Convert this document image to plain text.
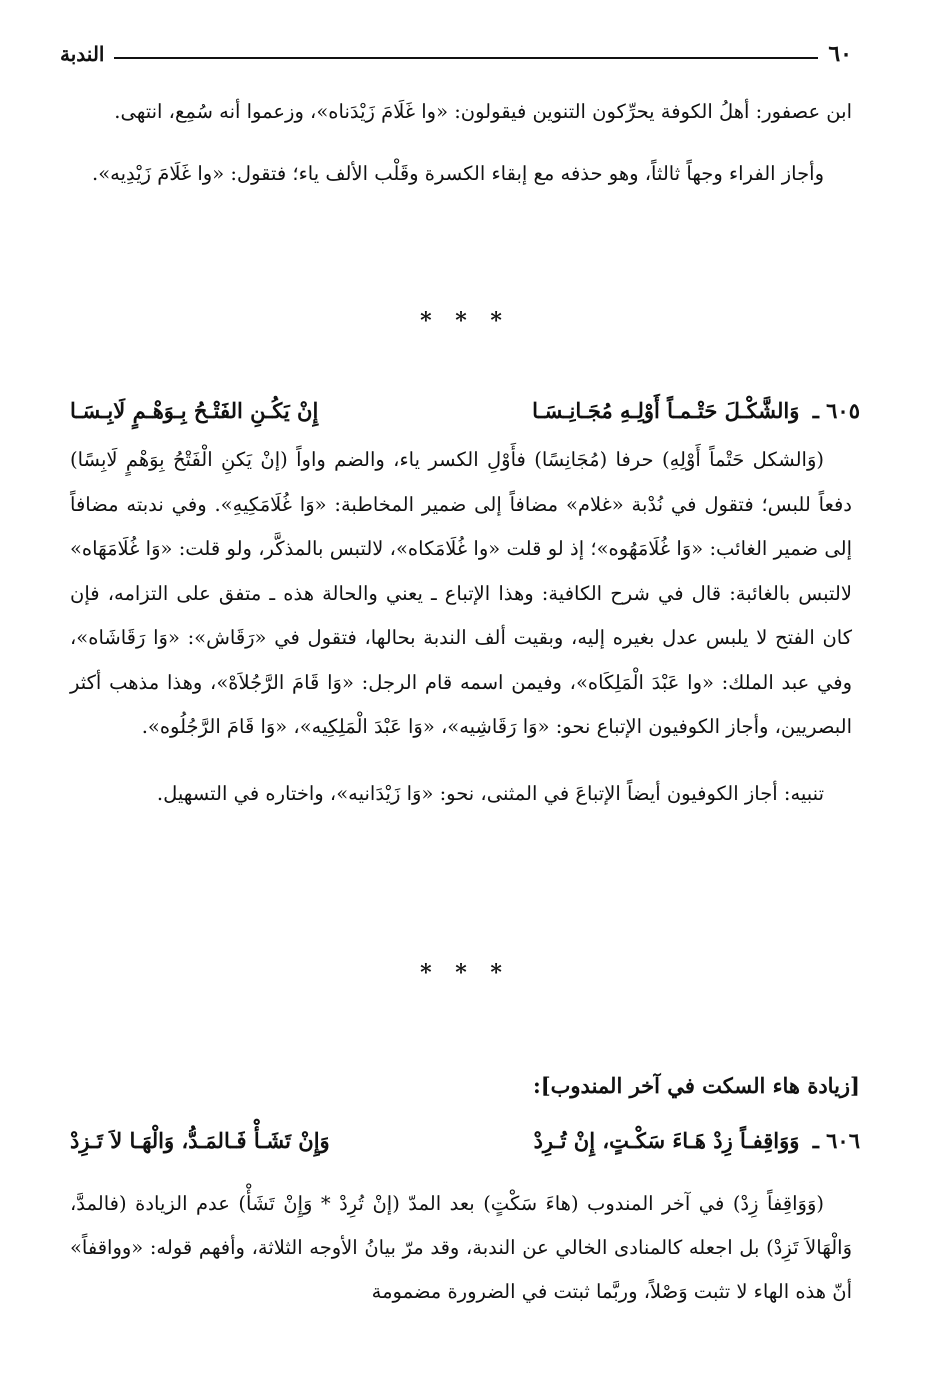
٦٠
الندبة

ابن عصفور: أهلُ الكوفة يحرِّكون التنوين فيقولون: «وا غَلَامَ زَيْدَناه»، وزعموا أنه سُمِع، انتهى.

وأجاز الفراء وجهاً ثالثاً، وهو حذفه مع إبقاء الكسرة وقَلْب الألف ياء؛ فتقول: «وا غَلَامَ زَيْدِيه».

* * *
٦٠٥ ـ وَالشَّكْـلَ حَتْـمـاً أَوْلِـهِ مُجَـانِـسَـا
إِنْ يَكُـنِ الفَتْـحُ بِـوَهْـمٍ لَابِـسَـا

(وَالشكل حَتْماً أَوْلِهِ) حرفا (مُجَانِسًا) فأَوْلِ الكسر ياء، والضم واواً (إنْ يَكنِ الْفَتْحُ بِوَهْمٍ لَابِسًا) دفعاً للبس؛ فتقول في نُدْبة «غلام» مضافاً إلى ضمير المخاطبة: «وَا غُلَامَكِيهِ». وفي ندبته مضافاً إلى ضمير الغائب: «وَا غُلَامَهُوه»؛ إذ لو قلت «وا غُلَامَكاه»، لالتبس بالمذكَّر، ولو قلت: «وَا غُلَامَهَاه» لالتبس بالغائبة: قال في شرح الكافية: وهذا الإتباع ـ يعني والحالة هذه ـ متفق على التزامه، فإن كان الفتح لا يلبس عدل بغيره إليه، وبقيت ألف الندبة بحالها، فتقول في «رَقَاش»: «وَا رَقَاشَاه»، وفي عبد الملك: «وا عَبْدَ الْمَلِكَاه»، وفيمن اسمه قام الرجل: «وَا قَامَ الرَّجُلاَهْ»، وهذا مذهب أكثر البصريين، وأجاز الكوفيون الإتباع نحو: «وَا رَقَاشِيه»، «وَا عَبْدَ الْمَلِكِيه»، «وَا قَامَ الرَّجُلُوه».

تنبيه: أجاز الكوفيون أيضاً الإتباعَ في المثنى، نحو: «وَا زَيْدَانيه»، واختاره في التسهيل.

* * *
[زيادة هاء السكت في آخر المندوب]:
٦٠٦ ـ وَوَاقِفـاً زِدْ هَـاءَ سَكْـتٍ، إِنْ تُـرِدْ
وَإِنْ تَشَـأْ فَـالمَـدُّ، وَالْهَـا لاَ تَـزِدْ

(وَوَاقِفاً زِدْ) في آخر المندوب (هاءَ سَكْتٍ) بعد المدّ (إنْ تُرِدْ * وَإِنْ تَشَأْ) عدم الزيادة (فالمدَّ، وَالْهَالاَ تَزِدْ) بل اجعله كالمنادى الخالي عن الندبة، وقد مرّ بيانُ الأوجه الثلاثة، وأفهم قوله: «وواقفاً» أنّ هذه الهاء لا تثبت وَصْلاً، وربَّما ثبتت في الضرورة مضمومة
